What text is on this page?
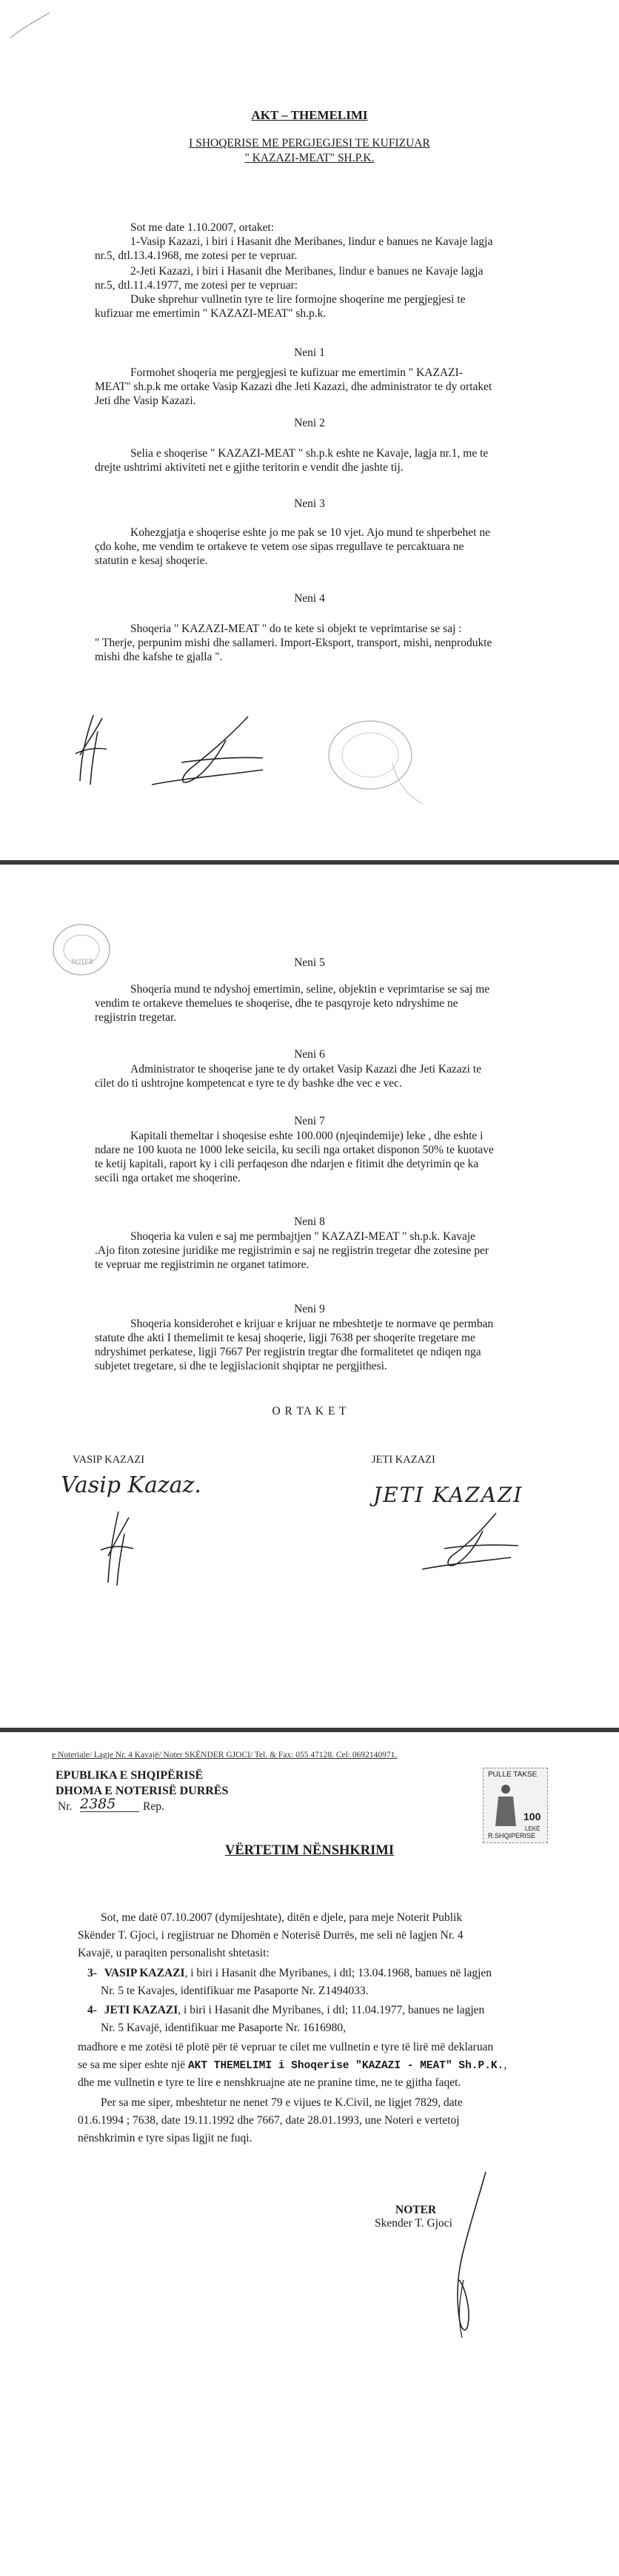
AKT – THEMELIMI
I SHOQERISE ME PERGJEGJESI TE KUFIZUAR
" KAZAZI-MEAT" SH.P.K.
Sot me date 1.10.2007, ortaket:
1-Vasip Kazazi, i biri i Hasanit dhe Meribanes, lindur e banues ne Kavaje lagja
nr.5, dtl.13.4.1968, me zotesi per te vepruar.
2-Jeti Kazazi, i biri i Hasanit dhe Meribanes, lindur e banues ne Kavaje lagja
nr.5, dtl.11.4.1977, me zotesi per te vepruar:
Duke shprehur vullnetin tyre te lire formojne shoqerine me pergjegjesi te
kufizuar me emertimin " KAZAZI-MEAT" sh.p.k.
Neni 1
Formohet shoqeria me pergjegjesi te kufizuar me emertimin " KAZAZI-
MEAT" sh.p.k me ortake Vasip Kazazi dhe Jeti Kazazi, dhe administrator te dy ortaket
Jeti dhe Vasip Kazazi.
Neni 2
Selia e shoqerise " KAZAZI-MEAT " sh.p.k eshte ne Kavaje, lagja nr.1, me te
drejte ushtrimi aktiviteti net e gjithe teritorin e vendit dhe jashte tij.
Neni 3
Kohezgjatja e shoqerise eshte jo me pak se 10 vjet. Ajo mund te shperbehet ne
çdo kohe, me vendim te ortakeve te vetem ose sipas rregullave te percaktuara ne
statutin e kesaj shoqerie.
Neni 4
Shoqeria " KAZAZI-MEAT " do te kete si objekt te veprimtarise se saj :
" Therje, perpunim mishi dhe sallameri. Import-Eksport, transport, mishi, nenprodukte
mishi dhe kafshe te gjalla ".
NOTER	Neni 5
Shoqeria mund te ndyshoj emertimin, seline, objektin e veprimtarise se saj me
vendim te ortakeve themelues te shoqerise, dhe te pasqyroje keto ndryshime ne
regjistrin tregetar.
Neni 6
Administrator te shoqerise jane te dy ortaket Vasip Kazazi dhe Jeti Kazazi te
cilet do ti ushtrojne kompetencat e tyre te dy bashke dhe vec e vec.
Neni 7
Kapitali themeltar i shoqesise eshte 100.000 (njeqindemije) leke , dhe eshte i
ndare ne 100 kuota ne 1000 leke seicila, ku secili nga ortaket disponon 50% te kuotave
te ketij kapitali, raport ky i cili perfaqeson dhe ndarjen e fitimit dhe detyrimin qe ka
secili nga ortaket me shoqerine.
Neni 8
Shoqeria ka vulen e saj me permbajtjen " KAZAZI-MEAT " sh.p.k. Kavaje
.Ajo fiton zotesine juridike me regjistrimin e saj ne regjistrin tregetar dhe zotesine per
te vepruar me regjistrimin ne organet tatimore.
Neni 9
Shoqeria konsiderohet e krijuar e krijuar ne mbeshtetje te normave qe permban
statute dhe akti I themelimit te kesaj shoqerie, ligji 7638 per shoqerite tregetare me
ndryshimet perkatese, ligji 7667 Per regjistrin tregtar dhe formalitetet qe ndiqen nga
subjetet tregetare, si dhe te legjislacionit shqiptar ne pergjithesi.
O R TA K E T
VASIP KAZAZI	JETI KAZAZI
Vasip Kazaz.	JETI KAZAZI
e Noteriale/ Lagje Nr. 4 Kavajë/ Noter SKËNDER GJOCI/ Tel. & Fax: 055 47128. Cel: 0692140971.
EPUBLIKA E SHQIPËRISË
DHOMA E NOTERISË DURRËS
Nr. 2385	Rep.
PULLE TAKSE
100
LEKË
R.SHQIPERISE
VËRTETIM NËNSHKRIMI
Sot, me datë 07.10.2007 (dymijeshtate), ditën e djele, para meje Noterit Publik
Skënder T. Gjoci, i regjistruar ne Dhomën e Noterisë Durrës, me seli në lagjen Nr. 4
Kavajë, u paraqiten personalisht shtetasit:
3- VASIP KAZAZI, i biri i Hasanit dhe Myribanes, i dtl; 13.04.1968, banues në lagjen
Nr. 5 te Kavajes, identifikuar me Pasaporte Nr. Z1494033.
4- JETI KAZAZI, i biri i Hasanit dhe Myribanes, i dtl; 11.04.1977, banues ne lagjen
Nr. 5 Kavajë, identifikuar me Pasaporte Nr. 1616980,
madhore e me zotësi të plotë për të vepruar te cilet me vullnetin e tyre të lirë më deklaruan
se sa me siper eshte një AKT THEMELIMI i Shoqerise "KAZAZI - MEAT" Sh.P.K.,
dhe me vullnetin e tyre te lire e nenshkruajne ate ne pranine time, ne te gjitha faqet.
Per sa me siper, mbeshtetur ne nenet 79 e vijues te K.Civil, ne ligjet 7829, date
01.6.1994 ; 7638, date 19.11.1992 dhe 7667, date 28.01.1993, une Noteri e vertetoj
nënshkrimin e tyre sipas ligjit ne fuqi.
NOTER
Skender T. Gjoci
